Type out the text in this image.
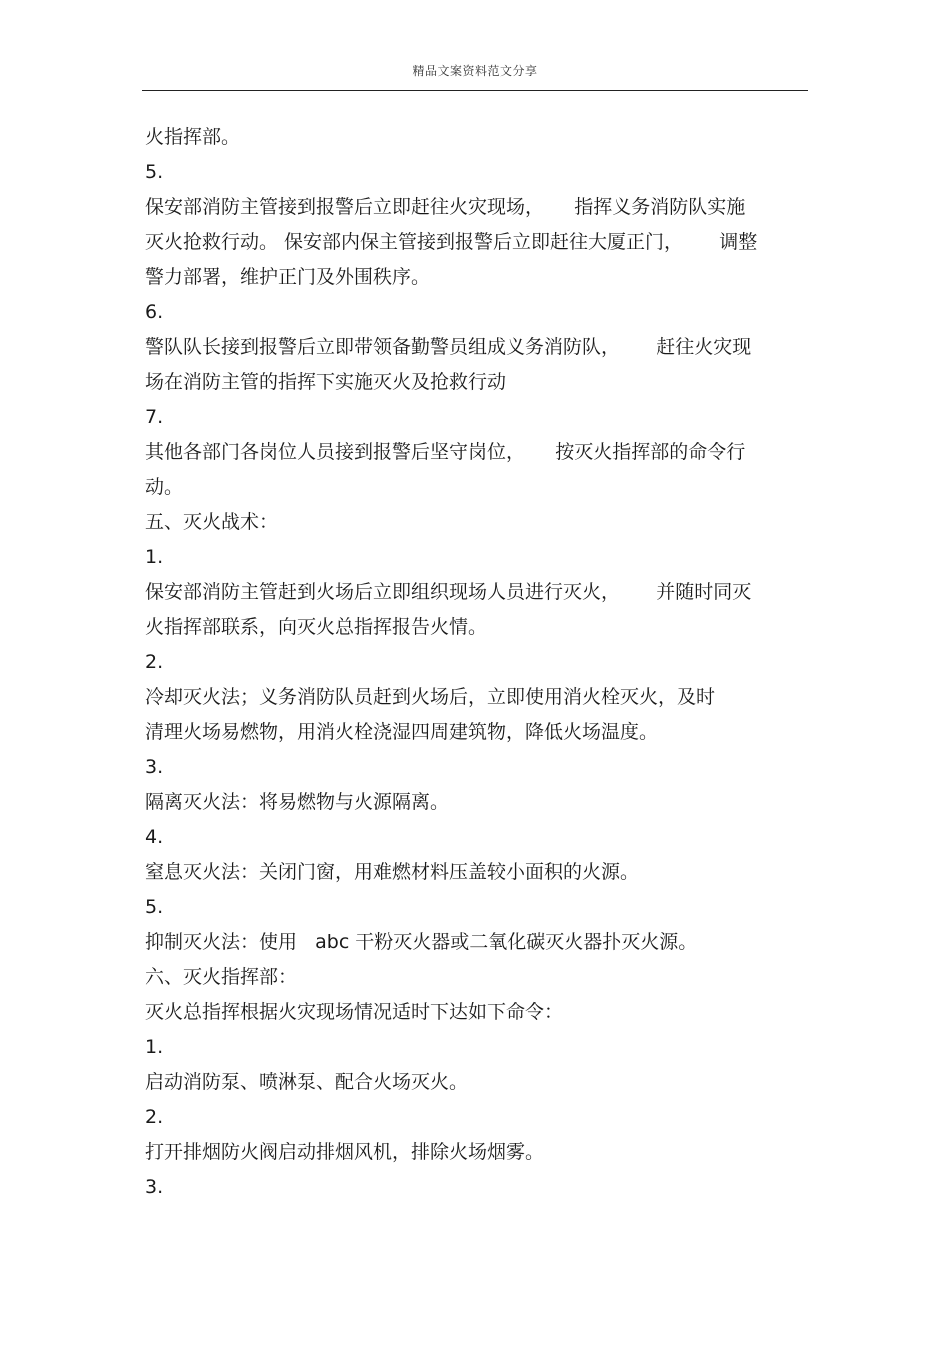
精品文案资料范文分享
火指挥部。
5.
保安部消防主管接到报警后立即赶往火灾现场，     指挥义务消防队实施
灭火抢救行动。 保安部内保主管接到报警后立即赶往大厦正门，      调整
警力部署，维护正门及外围秩序。
6.
警队队长接到报警后立即带领备勤警员组成义务消防队，      赶往火灾现
场在消防主管的指挥下实施灭火及抢救行动
7.
其他各部门各岗位人员接到报警后坚守岗位，     按灭火指挥部的命令行
动。
五、灭火战术：
1.
保安部消防主管赶到火场后立即组织现场人员进行灭火，      并随时同灭
火指挥部联系，向灭火总指挥报告火情。
2.
冷却灭火法；义务消防队员赶到火场后，立即使用消火栓灭火，及时
清理火场易燃物，用消火栓浇湿四周建筑物，降低火场温度。
3.
隔离灭火法：将易燃物与火源隔离。
4.
窒息灭火法：关闭门窗，用难燃材料压盖较小面积的火源。
5.
抑制灭火法：使用   abc 干粉灭火器或二氧化碳灭火器扑灭火源。
六、灭火指挥部：
灭火总指挥根据火灾现场情况适时下达如下命令：
1.
启动消防泵、喷淋泵、配合火场灭火。
2.
打开排烟防火阀启动排烟风机，排除火场烟雾。
3.
